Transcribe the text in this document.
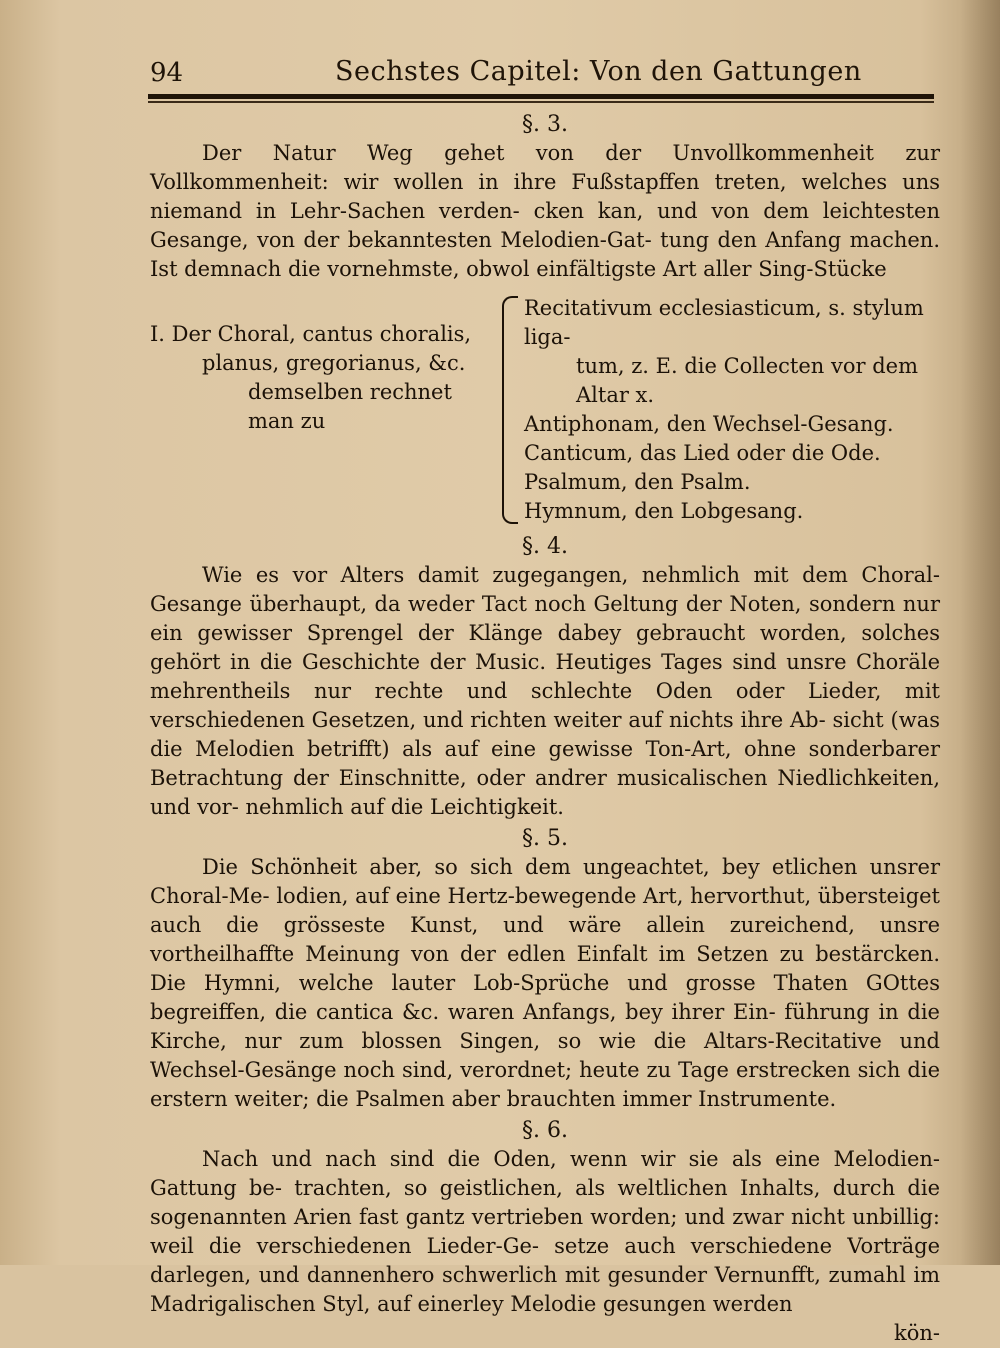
94	Sechstes Capitel: Von den Gattungen
§. 3.
Der Natur Weg gehet von der Unvollkommenheit zur Vollkommenheit: wir wollen in ihre Fußstapffen treten, welches uns niemand in Lehr-Sachen verden- cken kan, und von dem leichtesten Gesange, von der bekanntesten Melodien-Gat- tung den Anfang machen. Ist demnach die vornehmste, obwol einfältigste Art aller Sing-Stücke
I. Der Choral, cantus choralis,
planus, gregorianus, &c.
demselben rechnet man zu
Recitativum ecclesiasticum, s. stylum liga-
tum, z. E. die Collecten vor dem Altar x.
Antiphonam, den Wechsel-Gesang.
Canticum, das Lied oder die Ode.
Psalmum, den Psalm.
Hymnum, den Lobgesang.
§. 4.
Wie es vor Alters damit zugegangen, nehmlich mit dem Choral-Gesange überhaupt, da weder Tact noch Geltung der Noten, sondern nur ein gewisser Sprengel der Klänge dabey gebraucht worden, solches gehört in die Geschichte der Music. Heutiges Tages sind unsre Choräle mehrentheils nur rechte und schlechte Oden oder Lieder, mit verschiedenen Gesetzen, und richten weiter auf nichts ihre Ab- sicht (was die Melodien betrifft) als auf eine gewisse Ton-Art, ohne sonderbarer Betrachtung der Einschnitte, oder andrer musicalischen Niedlichkeiten, und vor- nehmlich auf die Leichtigkeit.
§. 5.
Die Schönheit aber, so sich dem ungeachtet, bey etlichen unsrer Choral-Me- lodien, auf eine Hertz-bewegende Art, hervorthut, übersteiget auch die grösseste Kunst, und wäre allein zureichend, unsre vortheilhaffte Meinung von der edlen Einfalt im Setzen zu bestärcken. Die Hymni, welche lauter Lob-Sprüche und grosse Thaten GOttes begreiffen, die cantica &c. waren Anfangs, bey ihrer Ein- führung in die Kirche, nur zum blossen Singen, so wie die Altars-Recitative und Wechsel-Gesänge noch sind, verordnet; heute zu Tage erstrecken sich die erstern weiter; die Psalmen aber brauchten immer Instrumente.
§. 6.
Nach und nach sind die Oden, wenn wir sie als eine Melodien-Gattung be- trachten, so geistlichen, als weltlichen Inhalts, durch die sogenannten Arien fast gantz vertrieben worden; und zwar nicht unbillig: weil die verschiedenen Lieder-Ge- setze auch verschiedene Vorträge darlegen, und dannenhero schwerlich mit gesunder Vernunfft, zumahl im Madrigalischen Styl, auf einerley Melodie gesungen werden
kön-
